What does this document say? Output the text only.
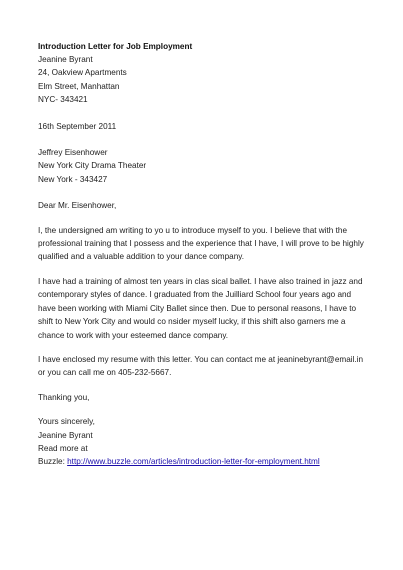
Introduction Letter for Job Employment
Jeanine Byrant
24, Oakview Apartments
Elm Street, Manhattan
NYC- 343421
16th September 2011
Jeffrey Eisenhower
New York City Drama Theater
New York - 343427
Dear Mr. Eisenhower,

I, the undersigned am writing to yo u to introduce myself to you. I believe that with the

professional training that I possess and the experience that I have, I will prove to be highly

qualified and a valuable addition to your dance company.

I have had a training of almost ten years in clas sical ballet. I have also trained in jazz and

contemporary styles of dance. I graduated from the Juilliard School four years ago and

have been working with Miami City Ballet since then. Due to personal reasons, I have to

shift to New York City and would co nsider myself lucky, if this shift also garners me a

chance to work with your esteemed dance company.

I have enclosed my resume with this letter. You can contact me at jeaninebyrant@email.in

or you can call me on 405-232-5667.

Thanking you,
Yours sincerely,
Jeanine Byrant
Read more at
Buzzle: http://www.buzzle.com/articles/introduction-letter-for-employment.html
